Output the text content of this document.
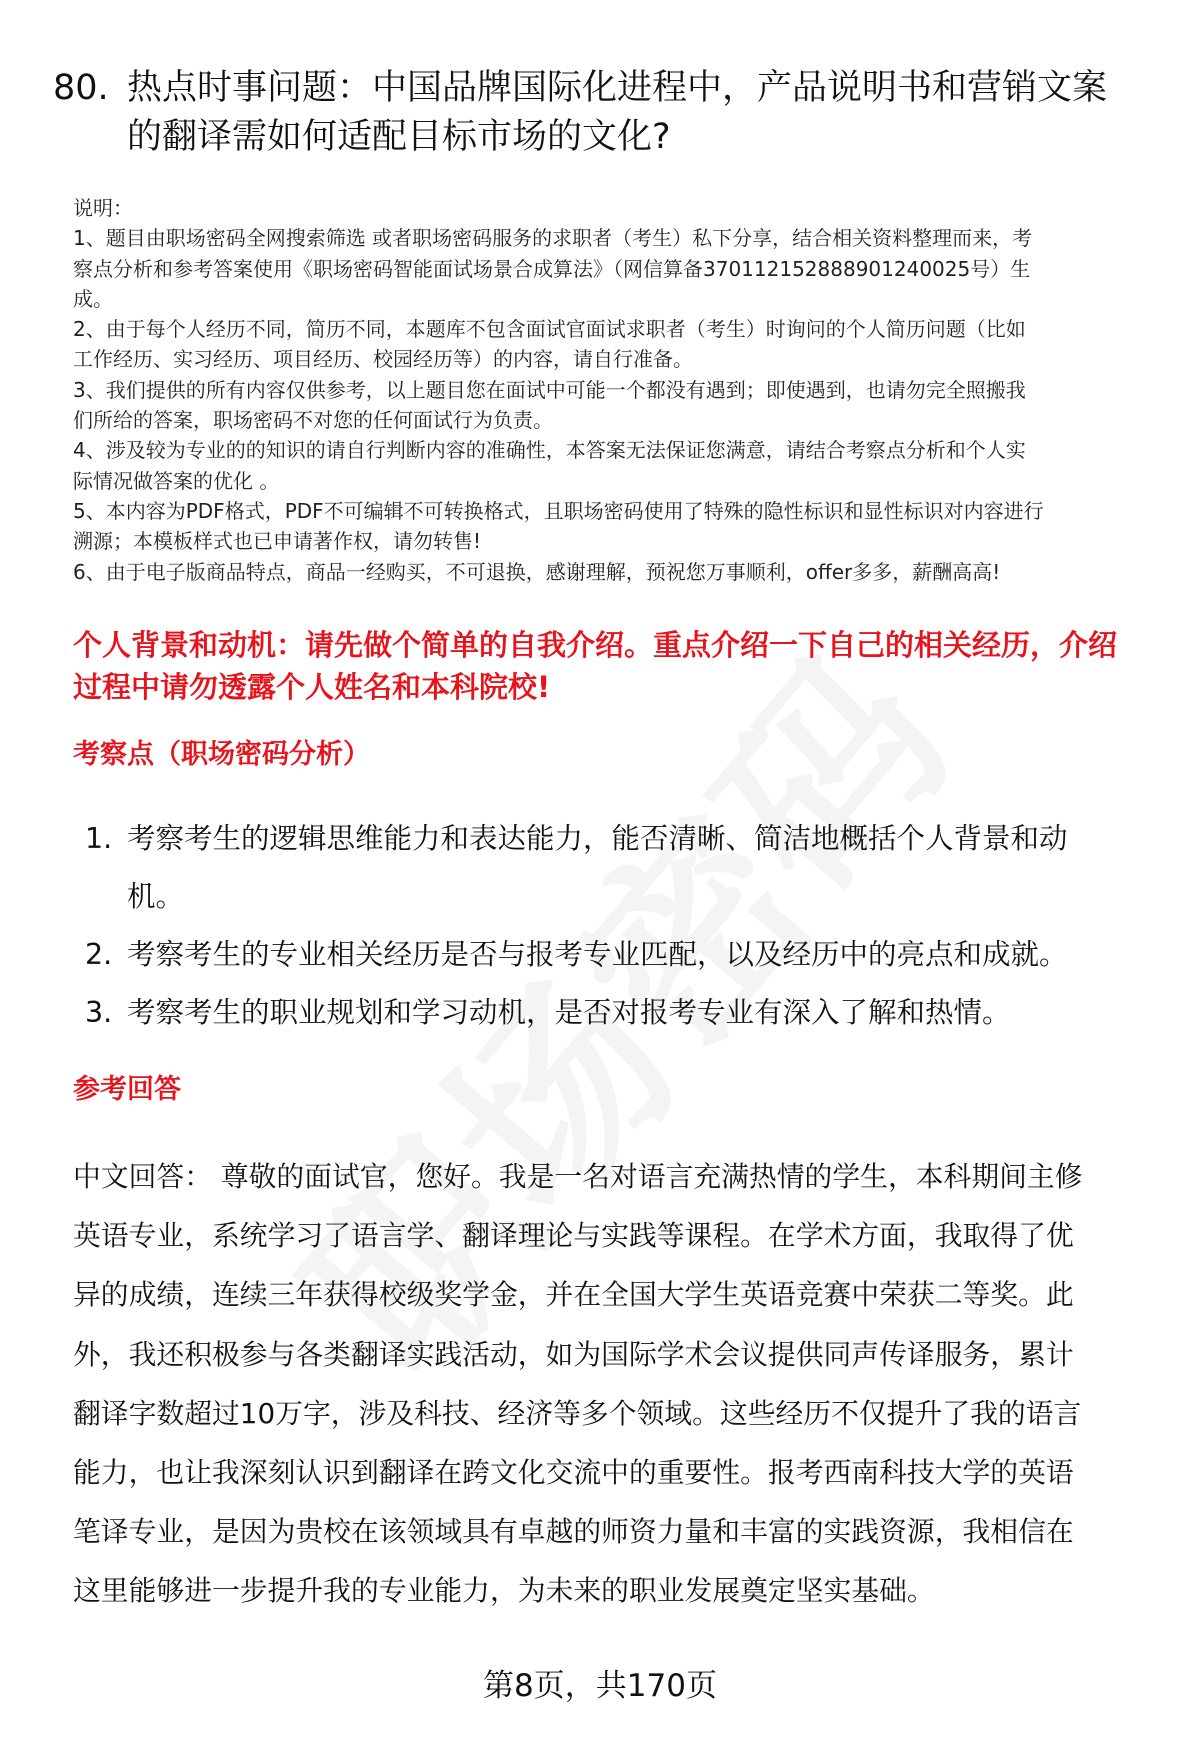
80. 热点时事问题：中国品牌国际化进程中，产品说明书和营销文案
的翻译需如何适配目标市场的文化?
说明：
1、题目由职场密码全网搜索筛选 或者职场密码服务的求职者（考生）私下分享，结合相关资料整理而来，考
察点分析和参考答案使用《职场密码智能面试场景合成算法》（网信算备370112152888901240025号）生
成。
2、由于每个人经历不同，简历不同，本题库不包含面试官面试求职者（考生）时询问的个人简历问题（比如
工作经历、实习经历、项目经历、校园经历等）的内容，请自行准备。
3、我们提供的所有内容仅供参考，以上题目您在面试中可能一个都没有遇到；即使遇到，也请勿完全照搬我
们所给的答案，职场密码不对您的任何面试行为负责。
4、涉及较为专业的的知识的请自行判断内容的准确性，本答案无法保证您满意，请结合考察点分析和个人实
际情况做答案的优化 。
5、本内容为PDF格式，PDF不可编辑不可转换格式，且职场密码使用了特殊的隐性标识和显性标识对内容进行
溯源；本模板样式也已申请著作权，请勿转售!
6、由于电子版商品特点，商品一经购买，不可退换，感谢理解，预祝您万事顺利，offer多多，薪酬高高!
个人背景和动机：请先做个简单的自我介绍。重点介绍一下自己的相关经历，介绍
过程中请勿透露个人姓名和本科院校!
考察点（职场密码分析）
1. 考察考生的逻辑思维能力和表达能力，能否清晰、简洁地概括个人背景和动
机。
2. 考察考生的专业相关经历是否与报考专业匹配，以及经历中的亮点和成就。
3. 考察考生的职业规划和学习动机，是否对报考专业有深入了解和热情。
参考回答
中文回答： 尊敬的面试官，您好。我是一名对语言充满热情的学生，本科期间主修
英语专业，系统学习了语言学、翻译理论与实践等课程。在学术方面，我取得了优
异的成绩，连续三年获得校级奖学金，并在全国大学生英语竞赛中荣获二等奖。此
外，我还积极参与各类翻译实践活动，如为国际学术会议提供同声传译服务，累计
翻译字数超过10万字，涉及科技、经济等多个领域。这些经历不仅提升了我的语言
能力，也让我深刻认识到翻译在跨文化交流中的重要性。报考西南科技大学的英语
笔译专业，是因为贵校在该领域具有卓越的师资力量和丰富的实践资源，我相信在
这里能够进一步提升我的专业能力，为未来的职业发展奠定坚实基础。
第8页，共170页
